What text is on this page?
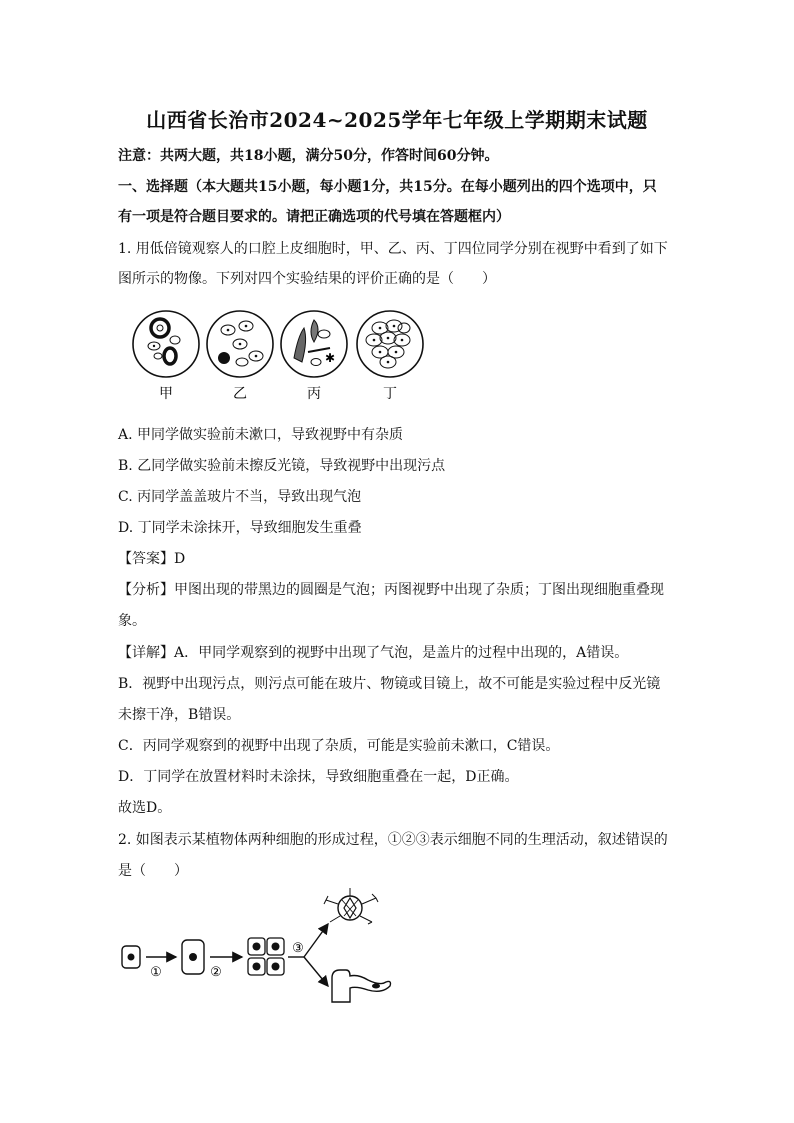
山西省长治市2024~2025学年七年级上学期期末试题
注意：共两大题，共18小题，满分50分，作答时间60分钟。
一、选择题（本大题共15小题，每小题1分，共15分。在每小题列出的四个选项中，只
有一项是符合题目要求的。请把正确选项的代号填在答题框内）
1. 用低倍镜观察人的口腔上皮细胞时，甲、乙、丙、丁四位同学分别在视野中看到了如下
图所示的物像。下列对四个实验结果的评价正确的是（　　）
甲	乙
✱
丙	丁
A. 甲同学做实验前未漱口，导致视野中有杂质
B. 乙同学做实验前未擦反光镜，导致视野中出现污点
C. 丙同学盖盖玻片不当，导致出现气泡
D. 丁同学未涂抹开，导致细胞发生重叠
【答案】D
【分析】甲图出现的带黑边的圆圈是气泡；丙图视野中出现了杂质；丁图出现细胞重叠现
象。
【详解】A．甲同学观察到的视野中出现了气泡，是盖片的过程中出现的，A错误。
B．视野中出现污点，则污点可能在玻片、物镜或目镜上，故不可能是实验过程中反光镜
未擦干净，B错误。
C．丙同学观察到的视野中出现了杂质，可能是实验前未漱口，C错误。
D．丁同学在放置材料时未涂抹，导致细胞重叠在一起，D正确。
故选D。
2. 如图表示某植物体两种细胞的形成过程，①②③表示细胞不同的生理活动，叙述错误的
是（　　）
①	②
③
